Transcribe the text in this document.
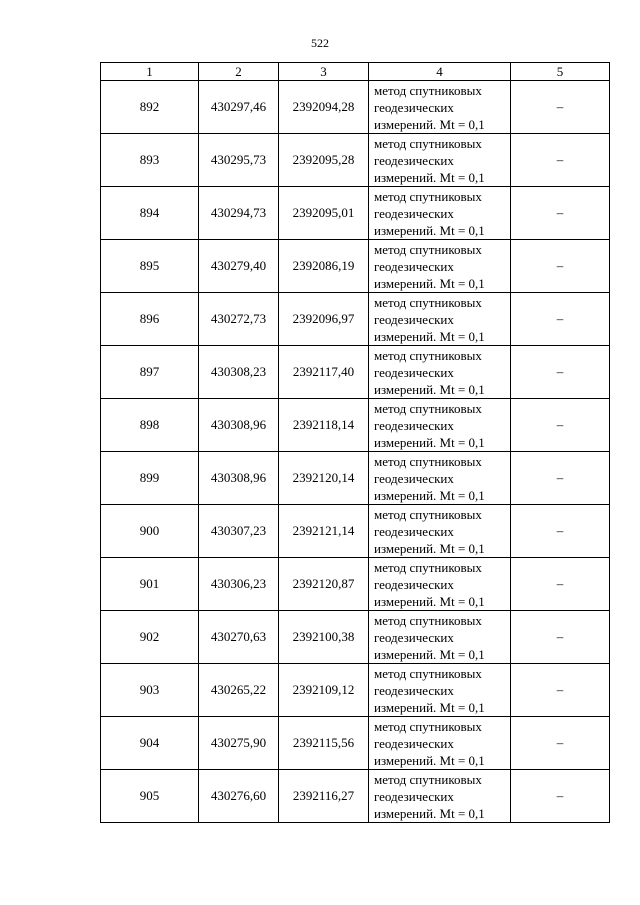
522
1	2	3	4	5
892	430297,46	2392094,28	метод спутниковых
геодезических
измерений. Mt = 0,1	–
893	430295,73	2392095,28	метод спутниковых
геодезических
измерений. Mt = 0,1	–
894	430294,73	2392095,01	метод спутниковых
геодезических
измерений. Mt = 0,1	–
895	430279,40	2392086,19	метод спутниковых
геодезических
измерений. Mt = 0,1	–
896	430272,73	2392096,97	метод спутниковых
геодезических
измерений. Mt = 0,1	–
897	430308,23	2392117,40	метод спутниковых
геодезических
измерений. Mt = 0,1	–
898	430308,96	2392118,14	метод спутниковых
геодезических
измерений. Mt = 0,1	–
899	430308,96	2392120,14	метод спутниковых
геодезических
измерений. Mt = 0,1	–
900	430307,23	2392121,14	метод спутниковых
геодезических
измерений. Mt = 0,1	–
901	430306,23	2392120,87	метод спутниковых
геодезических
измерений. Mt = 0,1	–
902	430270,63	2392100,38	метод спутниковых
геодезических
измерений. Mt = 0,1	–
903	430265,22	2392109,12	метод спутниковых
геодезических
измерений. Mt = 0,1	–
904	430275,90	2392115,56	метод спутниковых
геодезических
измерений. Mt = 0,1	–
905	430276,60	2392116,27	метод спутниковых
геодезических
измерений. Mt = 0,1	–
